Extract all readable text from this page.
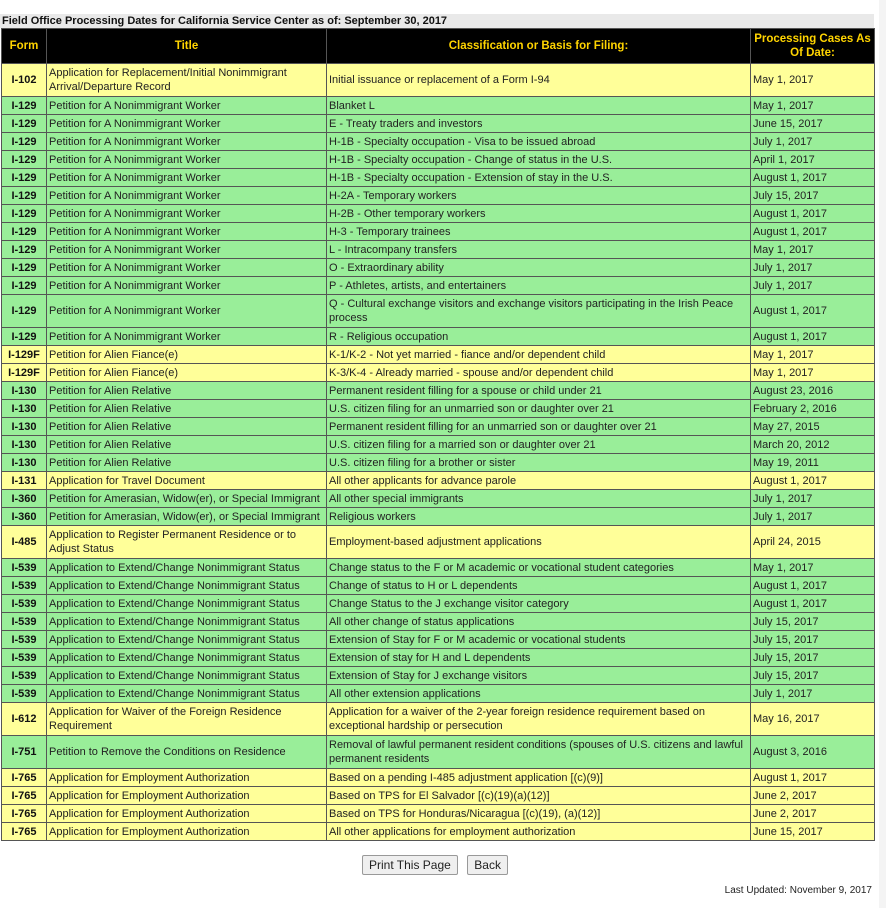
Field Office Processing Dates for California Service Center as of: September 30, 2017
Form	Title	Classification or Basis for Filing:	Processing Cases As Of Date:
I-102	Application for Replacement/Initial Nonimmigrant Arrival/Departure Record	Initial issuance or replacement of a Form I-94	May 1, 2017
I-129	Petition for A Nonimmigrant Worker	Blanket L	May 1, 2017
I-129	Petition for A Nonimmigrant Worker	E - Treaty traders and investors	June 15, 2017
I-129	Petition for A Nonimmigrant Worker	H-1B - Specialty occupation - Visa to be issued abroad	July 1, 2017
I-129	Petition for A Nonimmigrant Worker	H-1B - Specialty occupation - Change of status in the U.S.	April 1, 2017
I-129	Petition for A Nonimmigrant Worker	H-1B - Specialty occupation - Extension of stay in the U.S.	August 1, 2017
I-129	Petition for A Nonimmigrant Worker	H-2A - Temporary workers	July 15, 2017
I-129	Petition for A Nonimmigrant Worker	H-2B - Other temporary workers	August 1, 2017
I-129	Petition for A Nonimmigrant Worker	H-3 - Temporary trainees	August 1, 2017
I-129	Petition for A Nonimmigrant Worker	L - Intracompany transfers	May 1, 2017
I-129	Petition for A Nonimmigrant Worker	O - Extraordinary ability	July 1, 2017
I-129	Petition for A Nonimmigrant Worker	P - Athletes, artists, and entertainers	July 1, 2017
I-129	Petition for A Nonimmigrant Worker	Q - Cultural exchange visitors and exchange visitors participating in the Irish Peace process	August 1, 2017
I-129	Petition for A Nonimmigrant Worker	R - Religious occupation	August 1, 2017
I-129F	Petition for Alien Fiance(e)	K-1/K-2 - Not yet married - fiance and/or dependent child	May 1, 2017
I-129F	Petition for Alien Fiance(e)	K-3/K-4 - Already married - spouse and/or dependent child	May 1, 2017
I-130	Petition for Alien Relative	Permanent resident filling for a spouse or child under 21	August 23, 2016
I-130	Petition for Alien Relative	U.S. citizen filing for an unmarried son or daughter over 21	February 2, 2016
I-130	Petition for Alien Relative	Permanent resident filling for an unmarried son or daughter over 21	May 27, 2015
I-130	Petition for Alien Relative	U.S. citizen filing for a married son or daughter over 21	March 20, 2012
I-130	Petition for Alien Relative	U.S. citizen filing for a brother or sister	May 19, 2011
I-131	Application for Travel Document	All other applicants for advance parole	August 1, 2017
I-360	Petition for Amerasian, Widow(er), or Special Immigrant	All other special immigrants	July 1, 2017
I-360	Petition for Amerasian, Widow(er), or Special Immigrant	Religious workers	July 1, 2017
I-485	Application to Register Permanent Residence or to Adjust Status	Employment-based adjustment applications	April 24, 2015
I-539	Application to Extend/Change Nonimmigrant Status	Change status to the F or M academic or vocational student categories	May 1, 2017
I-539	Application to Extend/Change Nonimmigrant Status	Change of status to H or L dependents	August 1, 2017
I-539	Application to Extend/Change Nonimmigrant Status	Change Status to the J exchange visitor category	August 1, 2017
I-539	Application to Extend/Change Nonimmigrant Status	All other change of status applications	July 15, 2017
I-539	Application to Extend/Change Nonimmigrant Status	Extension of Stay for F or M academic or vocational students	July 15, 2017
I-539	Application to Extend/Change Nonimmigrant Status	Extension of stay for H and L dependents	July 15, 2017
I-539	Application to Extend/Change Nonimmigrant Status	Extension of Stay for J exchange visitors	July 15, 2017
I-539	Application to Extend/Change Nonimmigrant Status	All other extension applications	July 1, 2017
I-612	Application for Waiver of the Foreign Residence Requirement	Application for a waiver of the 2-year foreign residence requirement based on exceptional hardship or persecution	May 16, 2017
I-751	Petition to Remove the Conditions on Residence	Removal of lawful permanent resident conditions (spouses of U.S. citizens and lawful permanent residents	August 3, 2016
I-765	Application for Employment Authorization	Based on a pending I-485 adjustment application [(c)(9)]	August 1, 2017
I-765	Application for Employment Authorization	Based on TPS for El Salvador [(c)(19)(a)(12)]	June 2, 2017
I-765	Application for Employment Authorization	Based on TPS for Honduras/Nicaragua [(c)(19), (a)(12)]	June 2, 2017
I-765	Application for Employment Authorization	All other applications for employment authorization	June 15, 2017
Print This Page Back
Last Updated: November 9, 2017
